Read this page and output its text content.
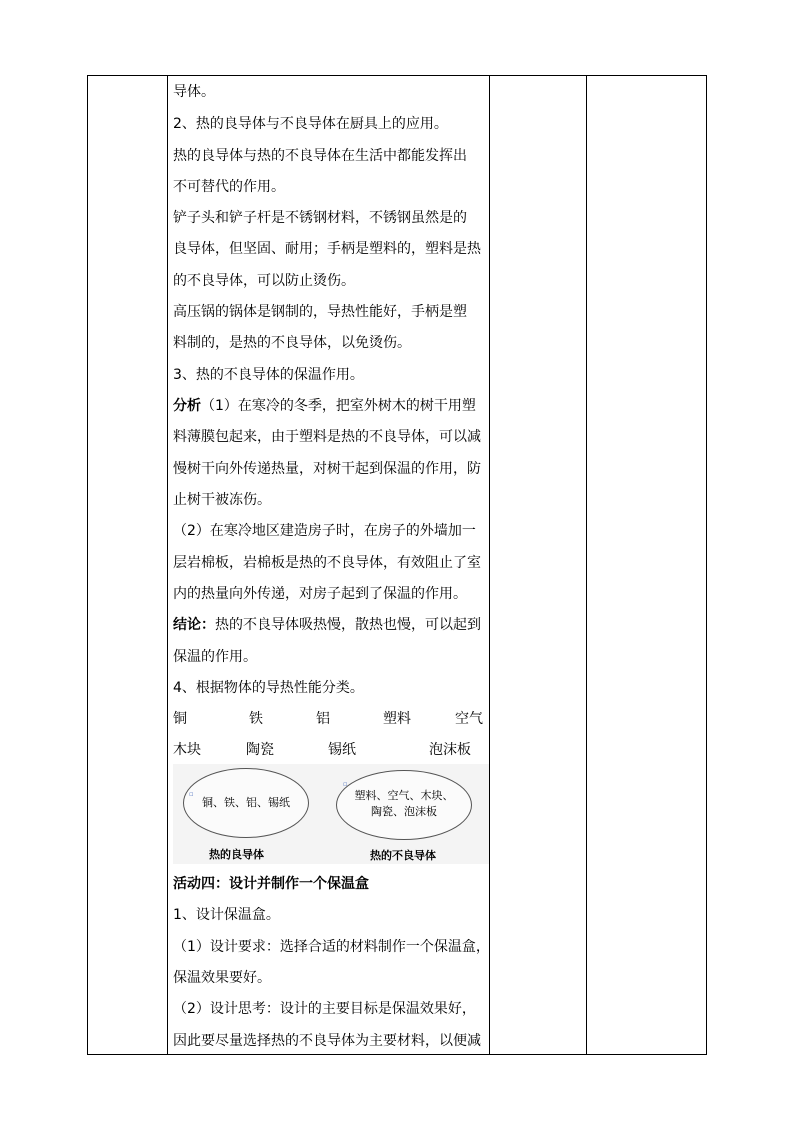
导体。
2、热的良导体与不良导体在厨具上的应用。
热的良导体与热的不良导体在生活中都能发挥出
不可替代的作用。
铲子头和铲子杆是不锈钢材料，不锈钢虽然是的
良导体，但坚固、耐用；手柄是塑料的，塑料是热
的不良导体，可以防止烫伤。
高压锅的锅体是钢制的，导热性能好，手柄是塑
料制的，是热的不良导体，以免烫伤。
3、热的不良导体的保温作用。
分析（1）在寒冷的冬季，把室外树木的树干用塑
料薄膜包起来，由于塑料是热的不良导体，可以减
慢树干向外传递热量，对树干起到保温的作用，防
止树干被冻伤。
（2）在寒冷地区建造房子时，在房子的外墙加一
层岩棉板，岩棉板是热的不良导体，有效阻止了室
内的热量向外传递，对房子起到了保温的作用。
结论：热的不良导体吸热慢，散热也慢，可以起到
保温的作用。
4、根据物体的导热性能分类。
铜	铁	铝	塑料	空气
木块	陶瓷	锡纸	泡沫板
▫
铜、铁、铝、锡纸
▫
塑料、空气、木块、
陶瓷、泡沫板
热的良导体	热的不良导体
活动四：设计并制作一个保温盒
1、设计保温盒。
（1）设计要求：选择合适的材料制作一个保温盒，
保温效果要好。
（2）设计思考：设计的主要目标是保温效果好，
因此要尽量选择热的不良导体为主要材料，以便减
